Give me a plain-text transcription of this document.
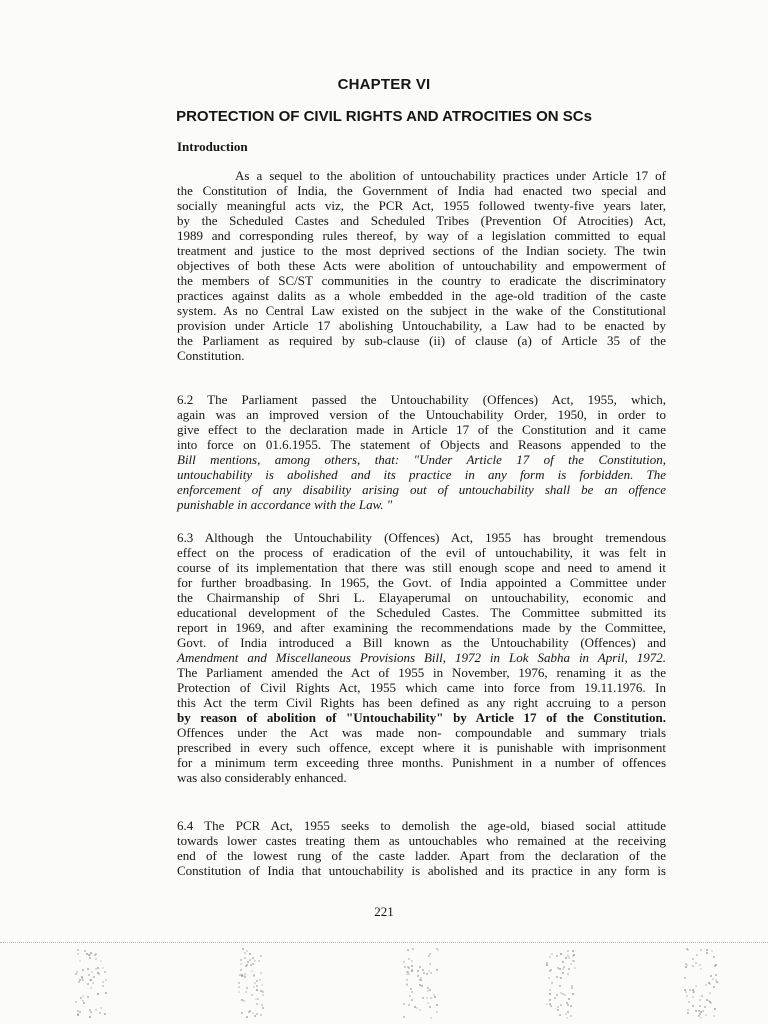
CHAPTER VI
PROTECTION OF CIVIL RIGHTS AND ATROCITIES ON SCs
Introduction
As a sequel to the abolition of untouchability practices under Article 17 of
the Constitution of India, the Government of India had enacted two special and
socially meaningful acts viz, the PCR Act, 1955 followed twenty-five years later,
by the Scheduled Castes and Scheduled Tribes (Prevention Of Atrocities) Act,
1989 and corresponding rules thereof, by way of a legislation committed to equal
treatment and justice to the most deprived sections of the Indian society. The twin
objectives of both these Acts were abolition of untouchability and empowerment of
the members of SC/ST communities in the country to eradicate the discriminatory
practices against dalits as a whole embedded in the age-old tradition of the caste
system. As no Central Law existed on the subject in the wake of the Constitutional
provision under Article 17 abolishing Untouchability, a Law had to be enacted by
the Parliament as required by sub-clause (ii) of clause (a) of Article 35 of the
Constitution.
6.2 The Parliament passed the Untouchability (Offences) Act, 1955, which,
again was an improved version of the Untouchability Order, 1950, in order to
give effect to the declaration made in Article 17 of the Constitution and it came
into force on 01.6.1955. The statement of Objects and Reasons appended to the
Bill mentions, among others, that: "Under Article 17 of the Constitution,
untouchability is abolished and its practice in any form is forbidden. The
enforcement of any disability arising out of untouchability shall be an offence
punishable in accordance with the Law. "
6.3 Although the Untouchability (Offences) Act, 1955 has brought tremendous
effect on the process of eradication of the evil of untouchability, it was felt in
course of its implementation that there was still enough scope and need to amend it
for further broadbasing. In 1965, the Govt. of India appointed a Committee under
the Chairmanship of Shri L. Elayaperumal on untouchability, economic and
educational development of the Scheduled Castes. The Committee submitted its
report in 1969, and after examining the recommendations made by the Committee,
Govt. of India introduced a Bill known as the Untouchability (Offences) and
Amendment and Miscellaneous Provisions Bill, 1972 in Lok Sabha in April, 1972.
The Parliament amended the Act of 1955 in November, 1976, renaming it as the
Protection of Civil Rights Act, 1955 which came into force from 19.11.1976. In
this Act the term Civil Rights has been defined as any right accruing to a person
by reason of abolition of "Untouchability" by Article 17 of the Constitution.
Offences under the Act was made non- compoundable and summary trials
prescribed in every such offence, except where it is punishable with imprisonment
for a minimum term exceeding three months. Punishment in a number of offences
was also considerably enhanced.
6.4 The PCR Act, 1955 seeks to demolish the age-old, biased social attitude
towards lower castes treating them as untouchables who remained at the receiving
end of the lowest rung of the caste ladder. Apart from the declaration of the
Constitution of India that untouchability is abolished and its practice in any form is
221
